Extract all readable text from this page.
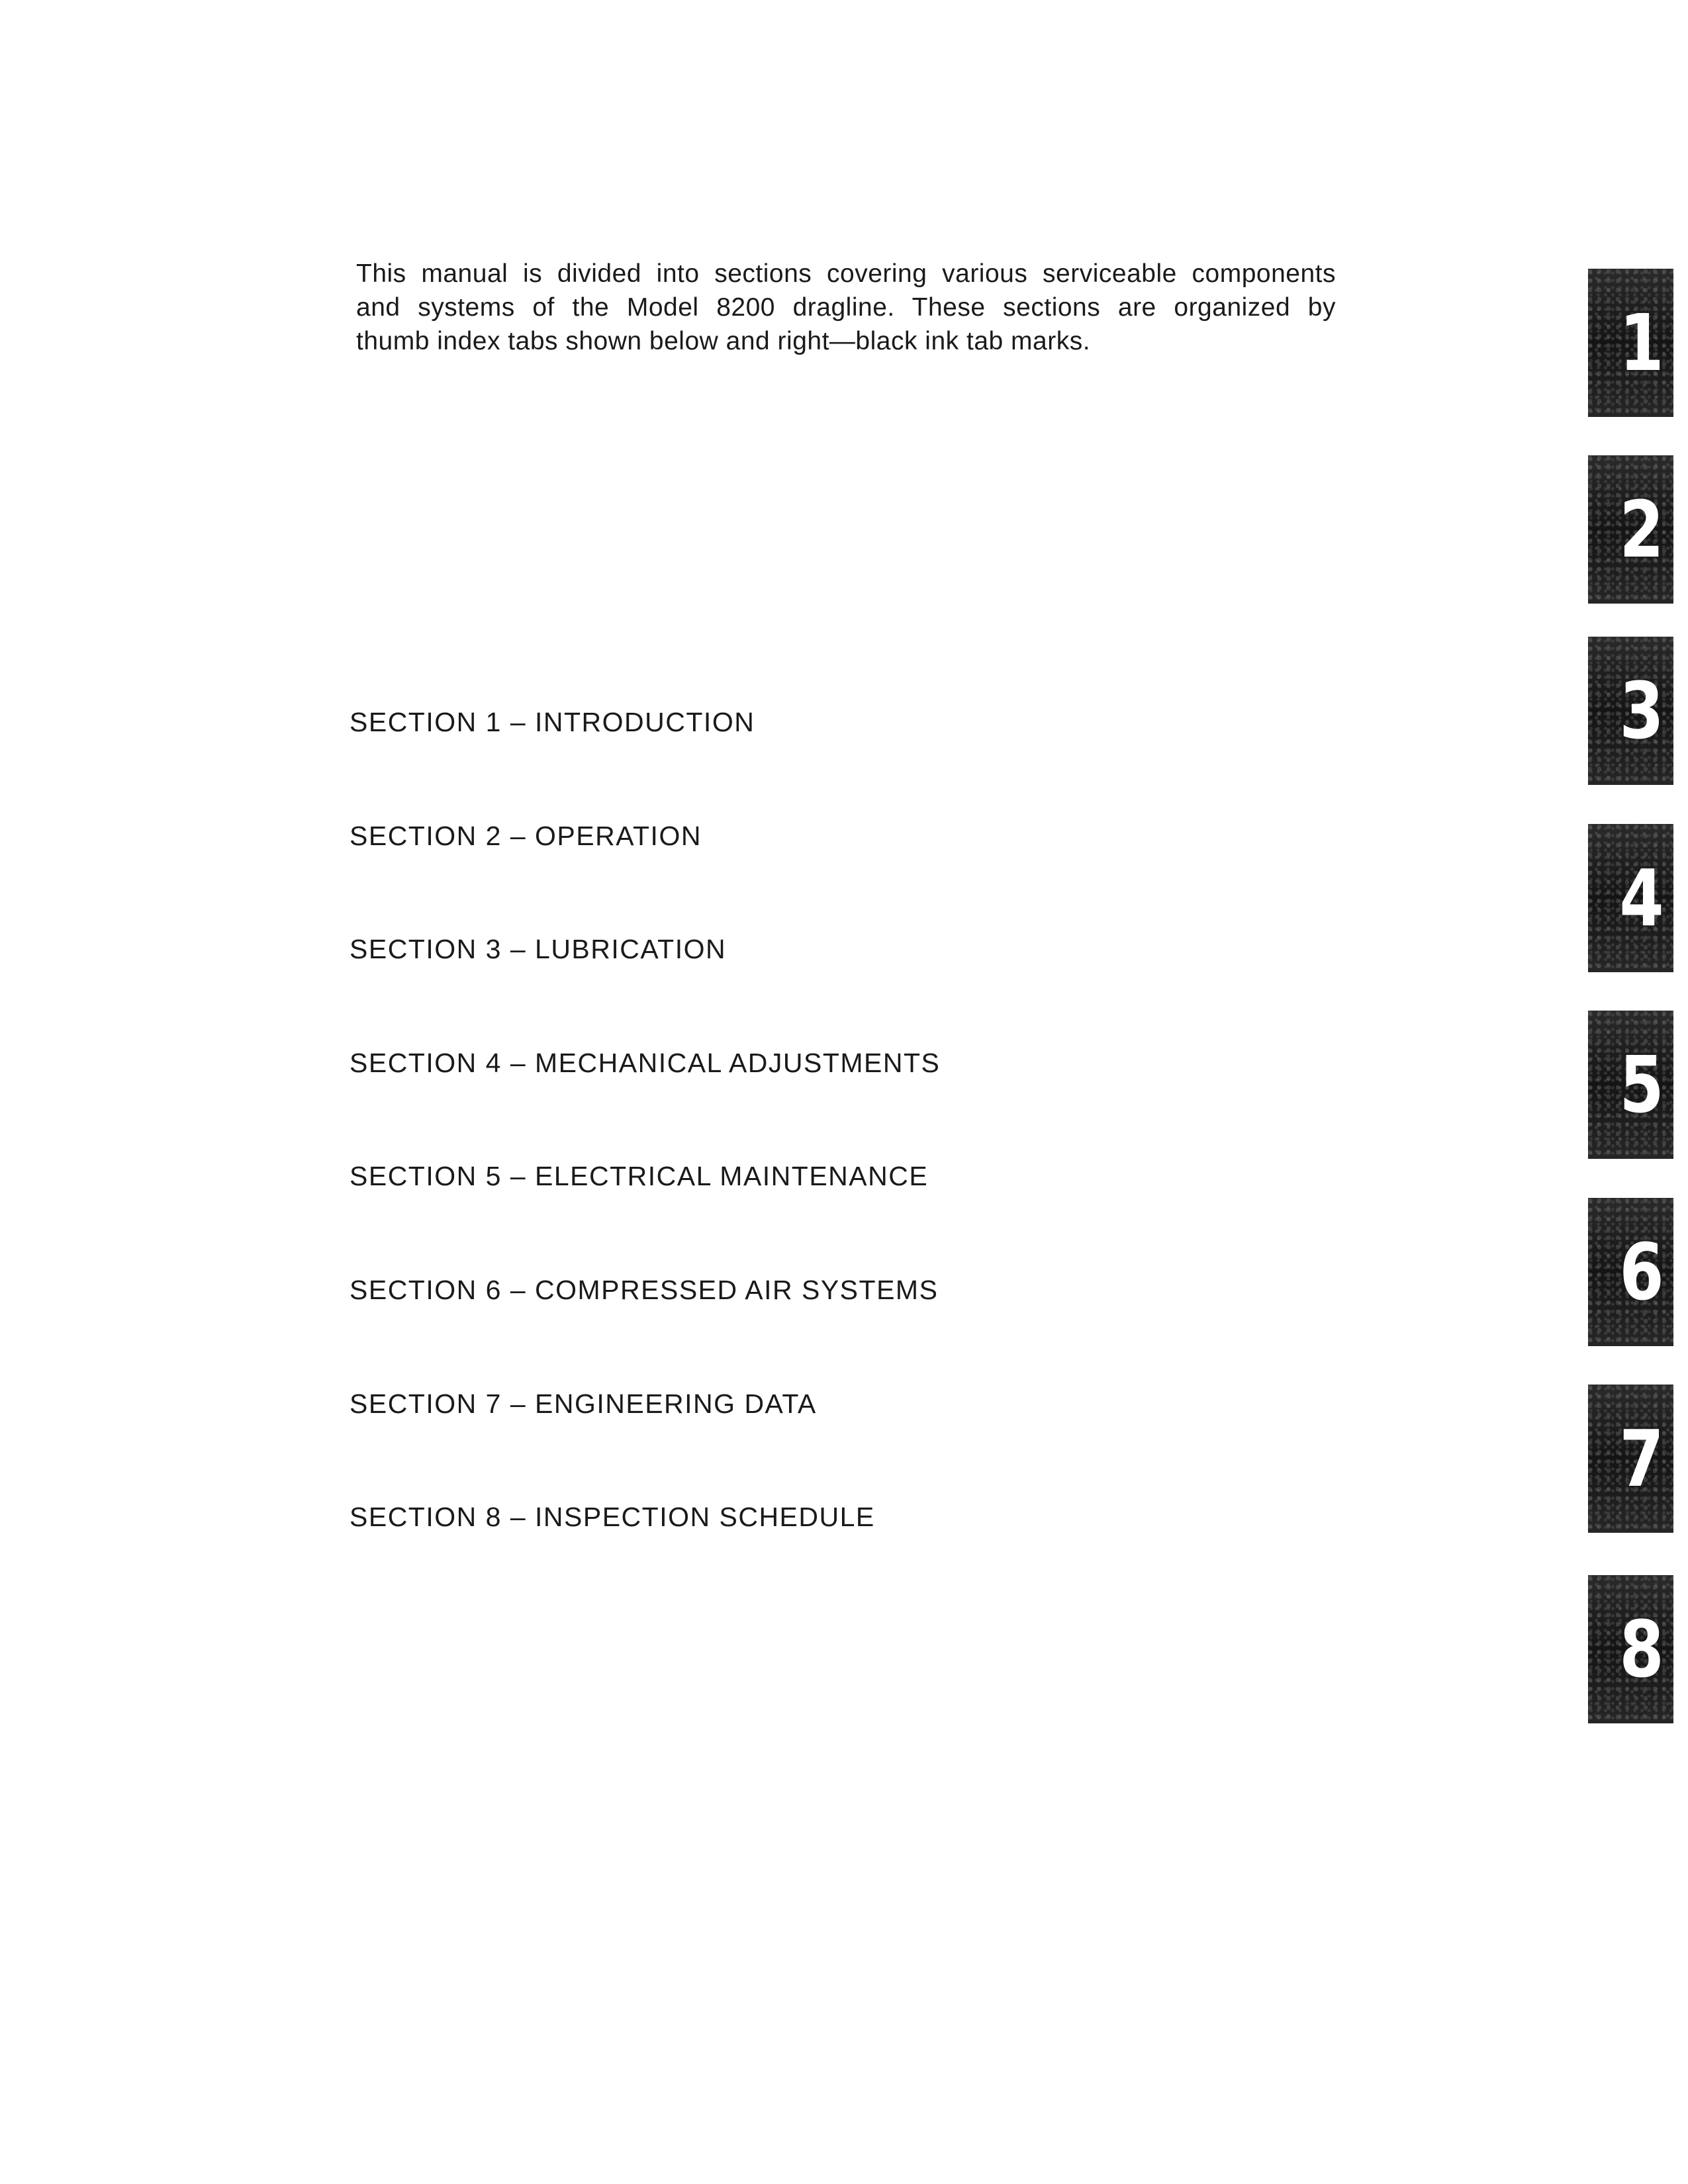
This manual is divided into sections covering various serviceable components
and systems of the Model 8200 dragline. These sections are organized by
thumb index tabs shown below and right—black ink tab marks.

SECTION 1 – INTRODUCTION
SECTION 2 – OPERATION
SECTION 3 – LUBRICATION
SECTION 4 – MECHANICAL ADJUSTMENTS
SECTION 5 – ELECTRICAL MAINTENANCE
SECTION 6 – COMPRESSED AIR SYSTEMS
SECTION 7 – ENGINEERING DATA
SECTION 8 – INSPECTION SCHEDULE
1
2
3
4
5
6
7
8
